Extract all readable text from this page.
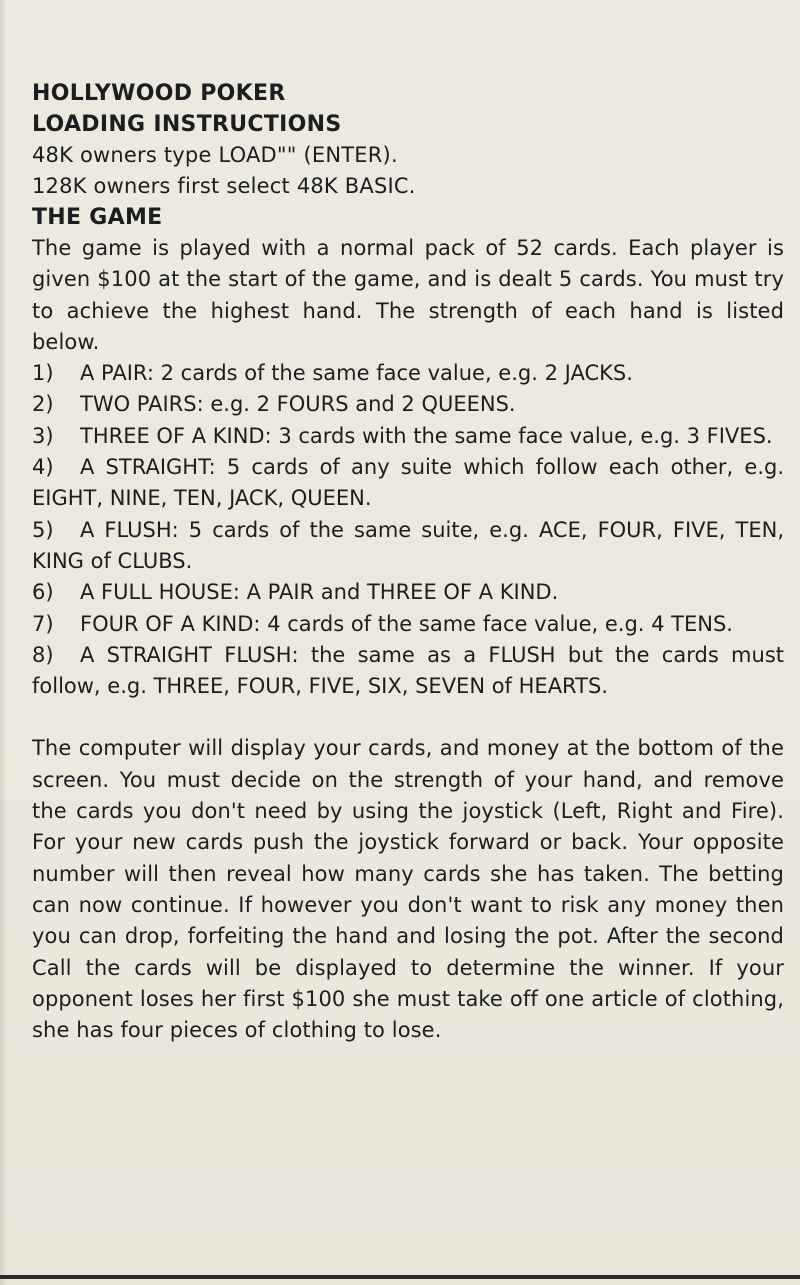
HOLLYWOOD POKER
LOADING INSTRUCTIONS

48K owners type LOAD"" (ENTER).

128K owners first select 48K BASIC.

THE GAME

The game is played with a normal pack of 52 cards. Each player is given $100 at the start of the game, and is dealt 5 cards. You must try to achieve the highest hand. The strength of each hand is listed below.

1) A PAIR: 2 cards of the same face value, e.g. 2 JACKS.

2) TWO PAIRS: e.g. 2 FOURS and 2 QUEENS.

3) THREE OF A KIND: 3 cards with the same face value, e.g. 3 FIVES.

4) A STRAIGHT: 5 cards of any suite which follow each other, e.g. EIGHT, NINE, TEN, JACK, QUEEN.

5) A FLUSH: 5 cards of the same suite, e.g. ACE, FOUR, FIVE, TEN, KING of CLUBS.

6) A FULL HOUSE: A PAIR and THREE OF A KIND.

7) FOUR OF A KIND: 4 cards of the same face value, e.g. 4 TENS.

8) A STRAIGHT FLUSH: the same as a FLUSH but the cards must follow, e.g. THREE, FOUR, FIVE, SIX, SEVEN of HEARTS.

The computer will display your cards, and money at the bottom of the screen. You must decide on the strength of your hand, and remove the cards you don't need by using the joystick (Left, Right and Fire). For your new cards push the joystick forward or back. Your opposite number will then reveal how many cards she has taken. The betting can now continue. If however you don't want to risk any money then you can drop, forfeiting the hand and losing the pot. After the second Call the cards will be displayed to determine the winner. If your opponent loses her first $100 she must take off one article of clothing, she has four pieces of clothing to lose.
